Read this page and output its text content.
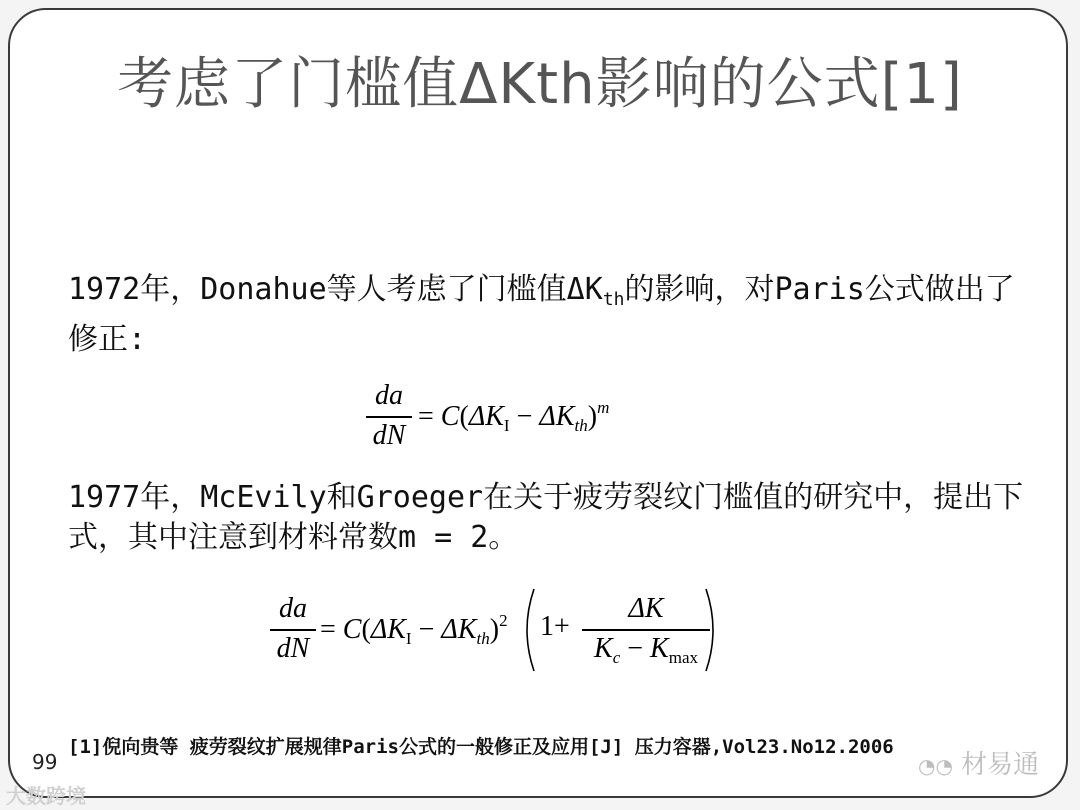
考虑了门槛值ΔKth影响的公式[1]
1972年，Donahue等人考虑了门槛值$\Delta K_{th}$的影响，对Paris公式做出了修正:
da
dN
= $C(\Delta K_I - \Delta K_{th})^m$
1977年，McEvily和Groeger在关于疲劳裂纹门槛值的研究中，提出下式，其中注意到材料常数m = 2。
da
dN
= $C(\Delta K_I - \Delta K_{th})^2$ 1+
ΔK
$K_c - K_{max}$
[1]倪向贵等 疲劳裂纹扩展规律Paris公式的一般修正及应用[J] 压力容器,Vol23.No12.2006
99
大数跨境
◔◔ 材易通
